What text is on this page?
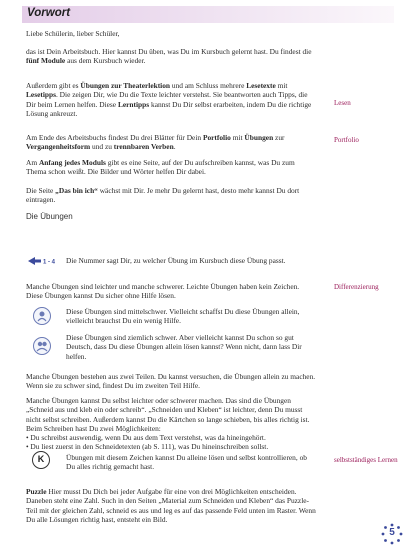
Vorwort

Liebe Schülerin, lieber Schüler,

das ist Dein Arbeitsbuch. Hier kannst Du üben, was Du im Kursbuch gelernt hast. Du findest die fünf Module aus dem Kursbuch wieder.

Außerdem gibt es Übungen zur Theaterlektion und am Schluss mehrere Lesetexte mit Lesetipps. Die zeigen Dir, wie Du die Texte leichter verstehst. Sie beantworten auch Tipps, die Dir beim Lernen helfen. Diese Lerntipps kannst Du Dir selbst erarbeiten, indem Du die richtige Lösung ankreuzt.

Lesen

Am Ende des Arbeitsbuchs findest Du drei Blätter für Dein Portfolio mit Übungen zur Vergangenheitsform und zu trennbaren Verben.

Portfolio

Am Anfang jedes Moduls gibt es eine Seite, auf der Du aufschreiben kannst, was Du zum Thema schon weißt. Die Bilder und Wörter helfen Dir dabei.

Die Seite „Das bin ich“ wächst mit Dir. Je mehr Du gelernt hast, desto mehr kannst Du dort eintragen.

Die Übungen
1 - 4 Die Nummer sagt Dir, zu welcher Übung im Kursbuch diese Übung passt.

Manche Übungen sind leichter und manche schwerer. Leichte Übungen haben kein Zeichen. Diese Übungen kannst Du sicher ohne Hilfe lösen.

Differenzierung

Diese Übungen sind mittelschwer. Vielleicht schaffst Du diese Übungen allein, vielleicht brauchst Du ein wenig Hilfe.

Diese Übungen sind ziemlich schwer. Aber vielleicht kannst Du schon so gut Deutsch, dass Du diese Übungen allein lösen kannst? Wenn nicht, dann lass Dir helfen.

Manche Übungen bestehen aus zwei Teilen. Du kannst versuchen, die Übungen allein zu machen. Wenn sie zu schwer sind, findest Du im zweiten Teil Hilfe.

Manche Übungen kannst Du selbst leichter oder schwerer machen. Das sind die Übungen „Schneid aus und kleb ein oder schreib“. „Schneiden und Kleben“ ist leichter, denn Du musst nicht selbst schreiben. Außerdem kannst Du die Kärtchen so lange schieben, bis alles richtig ist. Beim Schreiben hast Du zwei Möglichkeiten:

• Du schreibst auswendig, wenn Du aus dem Text verstehst, was da hineingehört.

• Du liest zuerst in den Schneidetexten (ab S. 111), was Du hineinschreiben sollst.

K	Übungen mit diesem Zeichen kannst Du alleine lösen und selbst kontrollieren, ob Du alles richtig gemacht hast.

selbstständiges Lernen

Puzzle Hier musst Du Dich bei jeder Aufgabe für eine von drei Möglichkeiten entscheiden. Daneben steht eine Zahl. Such in den Seiten „Material zum Schneiden und Kleben“ das Puzzle-Teil mit der gleichen Zahl, schneid es aus und leg es auf das passende Feld unten im Raster. Wenn Du alle Lösungen richtig hast, entsteht ein Bild.

5
